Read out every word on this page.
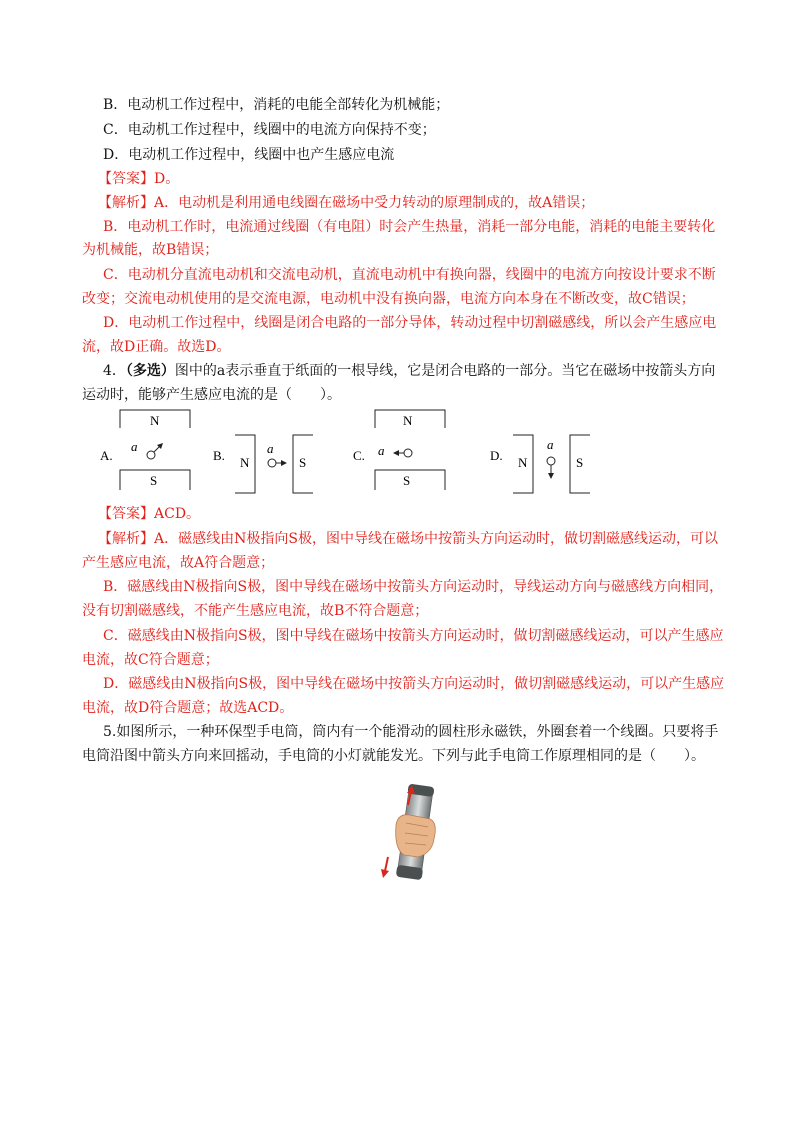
B．电动机工作过程中，消耗的电能全部转化为机械能；
C．电动机工作过程中，线圈中的电流方向保持不变；
D．电动机工作过程中，线圈中也产生感应电流
【答案】D。
【解析】A．电动机是利用通电线圈在磁场中受力转动的原理制成的，故A错误；
B．电动机工作时，电流通过线圈（有电阻）时会产生热量，消耗一部分电能，消耗的电能主要转化
为机械能，故B错误；
C．电动机分直流电动机和交流电动机，直流电动机中有换向器，线圈中的电流方向按设计要求不断
改变；交流电动机使用的是交流电源，电动机中没有换向器，电流方向本身在不断改变，故C错误；
D．电动机工作过程中，线圈是闭合电路的一部分导体，转动过程中切割磁感线，所以会产生感应电
流，故D正确。故选D。
4．（多选）图中的a表示垂直于纸面的一根导线，它是闭合电路的一部分。当它在磁场中按箭头方向
运动时，能够产生感应电流的是（　　）。
A.
N
S
a
B. N	S
a	C.
N
S
a	D. N	S
a
【答案】ACD。
【解析】A．磁感线由N极指向S极，图中导线在磁场中按箭头方向运动时，做切割磁感线运动，可以
产生感应电流，故A符合题意；
B．磁感线由N极指向S极，图中导线在磁场中按箭头方向运动时，导线运动方向与磁感线方向相同，
没有切割磁感线，不能产生感应电流，故B不符合题意；
C．磁感线由N极指向S极，图中导线在磁场中按箭头方向运动时，做切割磁感线运动，可以产生感应
电流，故C符合题意；
D．磁感线由N极指向S极，图中导线在磁场中按箭头方向运动时，做切割磁感线运动，可以产生感应
电流，故D符合题意；故选ACD。
5.如图所示，一种环保型手电筒，筒内有一个能滑动的圆柱形永磁铁，外圈套着一个线圈。只要将手
电筒沿图中箭头方向来回摇动，手电筒的小灯就能发光。下列与此手电筒工作原理相同的是（　　）。
